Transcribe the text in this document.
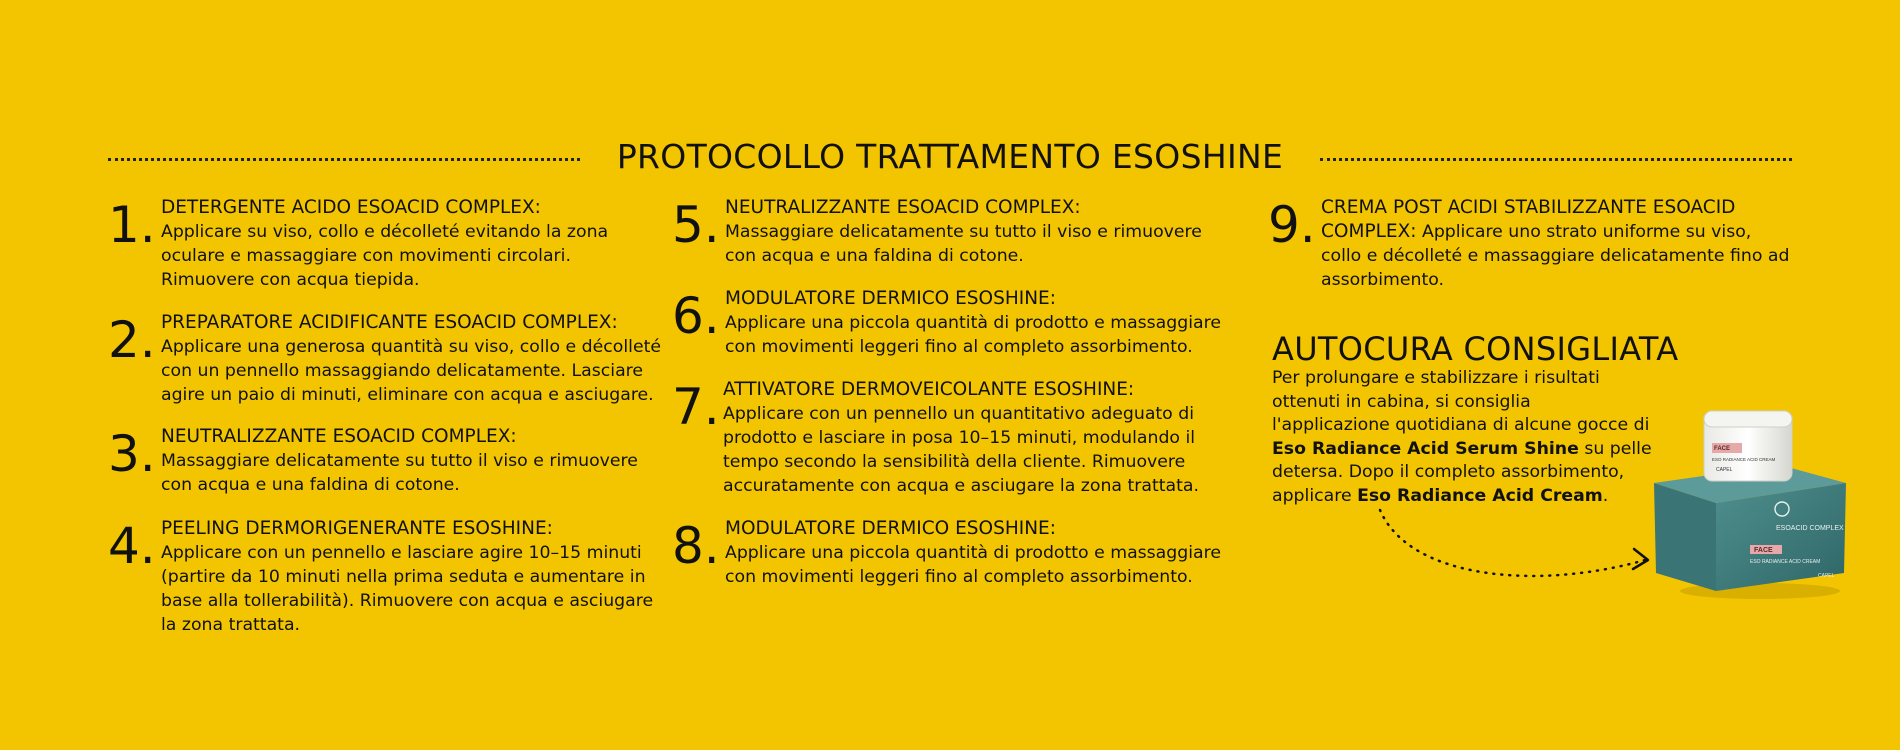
PROTOCOLLO TRATTAMENTO ESOSHINE
1. DETERGENTE ACIDO ESOACID COMPLEX:

Applicare su viso, collo e décolleté evitando la zona oculare e massaggiare con movimenti circolari. Rimuovere con acqua tiepida.

2. PREPARATORE ACIDIFICANTE ESOACID COMPLEX:

Applicare una generosa quantità su viso, collo e décolleté con un pennello massaggiando delicatamente. Lasciare agire un paio di minuti, eliminare con acqua e asciugare.

3. NEUTRALIZZANTE ESOACID COMPLEX:

Massaggiare delicatamente su tutto il viso e rimuovere con acqua e una faldina di cotone.

4. PEELING DERMORIGENERANTE ESOSHINE:

Applicare con un pennello e lasciare agire 10–15 minuti (partire da 10 minuti nella prima seduta e aumentare in base alla tollerabilità). Rimuovere con acqua e asciugare la zona trattata.

5. NEUTRALIZZANTE ESOACID COMPLEX:

Massaggiare delicatamente su tutto il viso e rimuovere con acqua e una faldina di cotone.

6. MODULATORE DERMICO ESOSHINE:

Applicare una piccola quantità di prodotto e massaggiare con movimenti leggeri fino al completo assorbimento.

7. ATTIVATORE DERMOVEICOLANTE ESOSHINE:

Applicare con un pennello un quantitativo adeguato di prodotto e lasciare in posa 10–15 minuti, modulando il tempo secondo la sensibilità della cliente. Rimuovere accuratamente con acqua e asciugare la zona trattata.

8. MODULATORE DERMICO ESOSHINE:

Applicare una piccola quantità di prodotto e massaggiare con movimenti leggeri fino al completo assorbimento.

9. CREMA POST ACIDI STABILIZZANTE ESOACID COMPLEX: Applicare uno strato uniforme su viso, collo e décolleté e massaggiare delicatamente fino ad assorbimento.

AUTOCURA CONSIGLIATA
Per prolungare e stabilizzare i risultati ottenuti in cabina, si consiglia l'applicazione quotidiana di alcune gocce di Eso Radiance Acid Serum Shine su pelle detersa. Dopo il completo assorbimento, applicare Eso Radiance Acid Cream.
ESOACID COMPLEX
FACE
ESO RADIANCE ACID CREAM
CAPEL
FACE
ESO RADIANCE ACID CREAM
CAPEL
